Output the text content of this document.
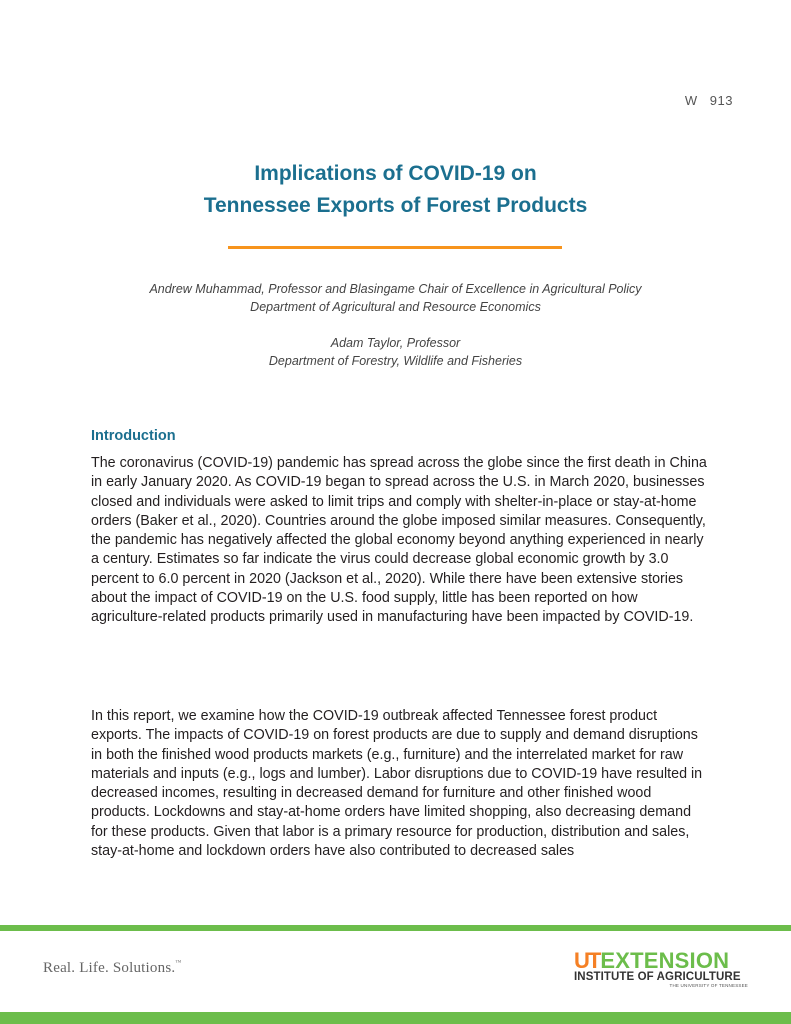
W 913
Implications of COVID-19 on
Tennessee Exports of Forest Products
Andrew Muhammad, Professor and Blasingame Chair of Excellence in Agricultural Policy
Department of Agricultural and Resource Economics
Adam Taylor, Professor
Department of Forestry, Wildlife and Fisheries
Introduction

The coronavirus (COVID-19) pandemic has spread across the globe since the first death in China in early January 2020. As COVID-19 began to spread across the U.S. in March 2020, businesses closed and individuals were asked to limit trips and comply with shelter-in-place or stay-at-home orders (Baker et al., 2020). Countries around the globe imposed similar measures. Consequently, the pandemic has negatively affected the global economy beyond anything experienced in nearly a century. Estimates so far indicate the virus could decrease global economic growth by 3.0 percent to 6.0 percent in 2020 (Jackson et al., 2020). While there have been extensive stories about the impact of COVID-19 on the U.S. food supply, little has been reported on how agriculture-related products primarily used in manufacturing have been impacted by COVID-19.

In this report, we examine how the COVID-19 outbreak affected Tennessee forest product exports. The impacts of COVID-19 on forest products are due to supply and demand disruptions in both the finished wood products markets (e.g., furniture) and the interrelated market for raw materials and inputs (e.g., logs and lumber). Labor disruptions due to COVID-19 have resulted in decreased incomes, resulting in decreased demand for furniture and other finished wood products. Lockdowns and stay-at-home orders have limited shopping, also decreasing demand for these products. Given that labor is a primary resource for production, distribution and sales, stay-at-home and lockdown orders have also contributed to decreased sales

Real. Life. Solutions.™	UT EXTENSION
INSTITUTE OF AGRICULTURE
THE UNIVERSITY OF TENNESSEE
